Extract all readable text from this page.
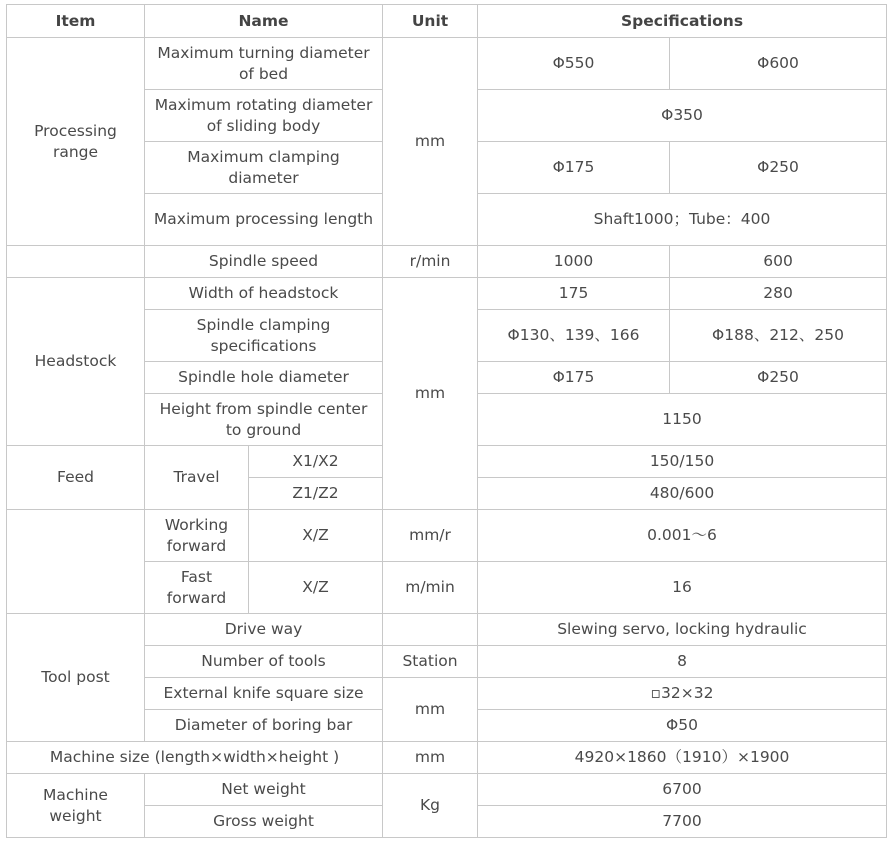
Item	Name		Unit	Specifications	
Processing range	Maximum turning diameter of bed		mm	Φ550	Φ600
	Maximum rotating diameter of sliding body			Φ350	
	Maximum clamping diameter			Φ175	Φ250
	Maximum processing length			Shaft1000；Tube：400	
	Spindle speed		r/min	1000	600
Headstock	Width of headstock		mm	175	280
	Spindle clamping specifications			Φ130、139、166	Φ188、212、250
	Spindle hole diameter			Φ175	Φ250
	Height from spindle center to ground			1150	
Feed	Travel	X1/X2		150/150	
		Z1/Z2		480/600	
	Working forward	X/Z	mm/r	0.001～6	
	Fast forward	X/Z	m/min	16	
Tool post	Drive way			Slewing servo, locking hydraulic	
	Number of tools		Station	8	
	External knife square size		mm	▫32×32	
	Diameter of boring bar			Φ50	
Machine size (length×width×height )			mm	4920×1860（1910）×1900	
Machine weight	Net weight		Kg	6700	
	Gross weight			7700	
